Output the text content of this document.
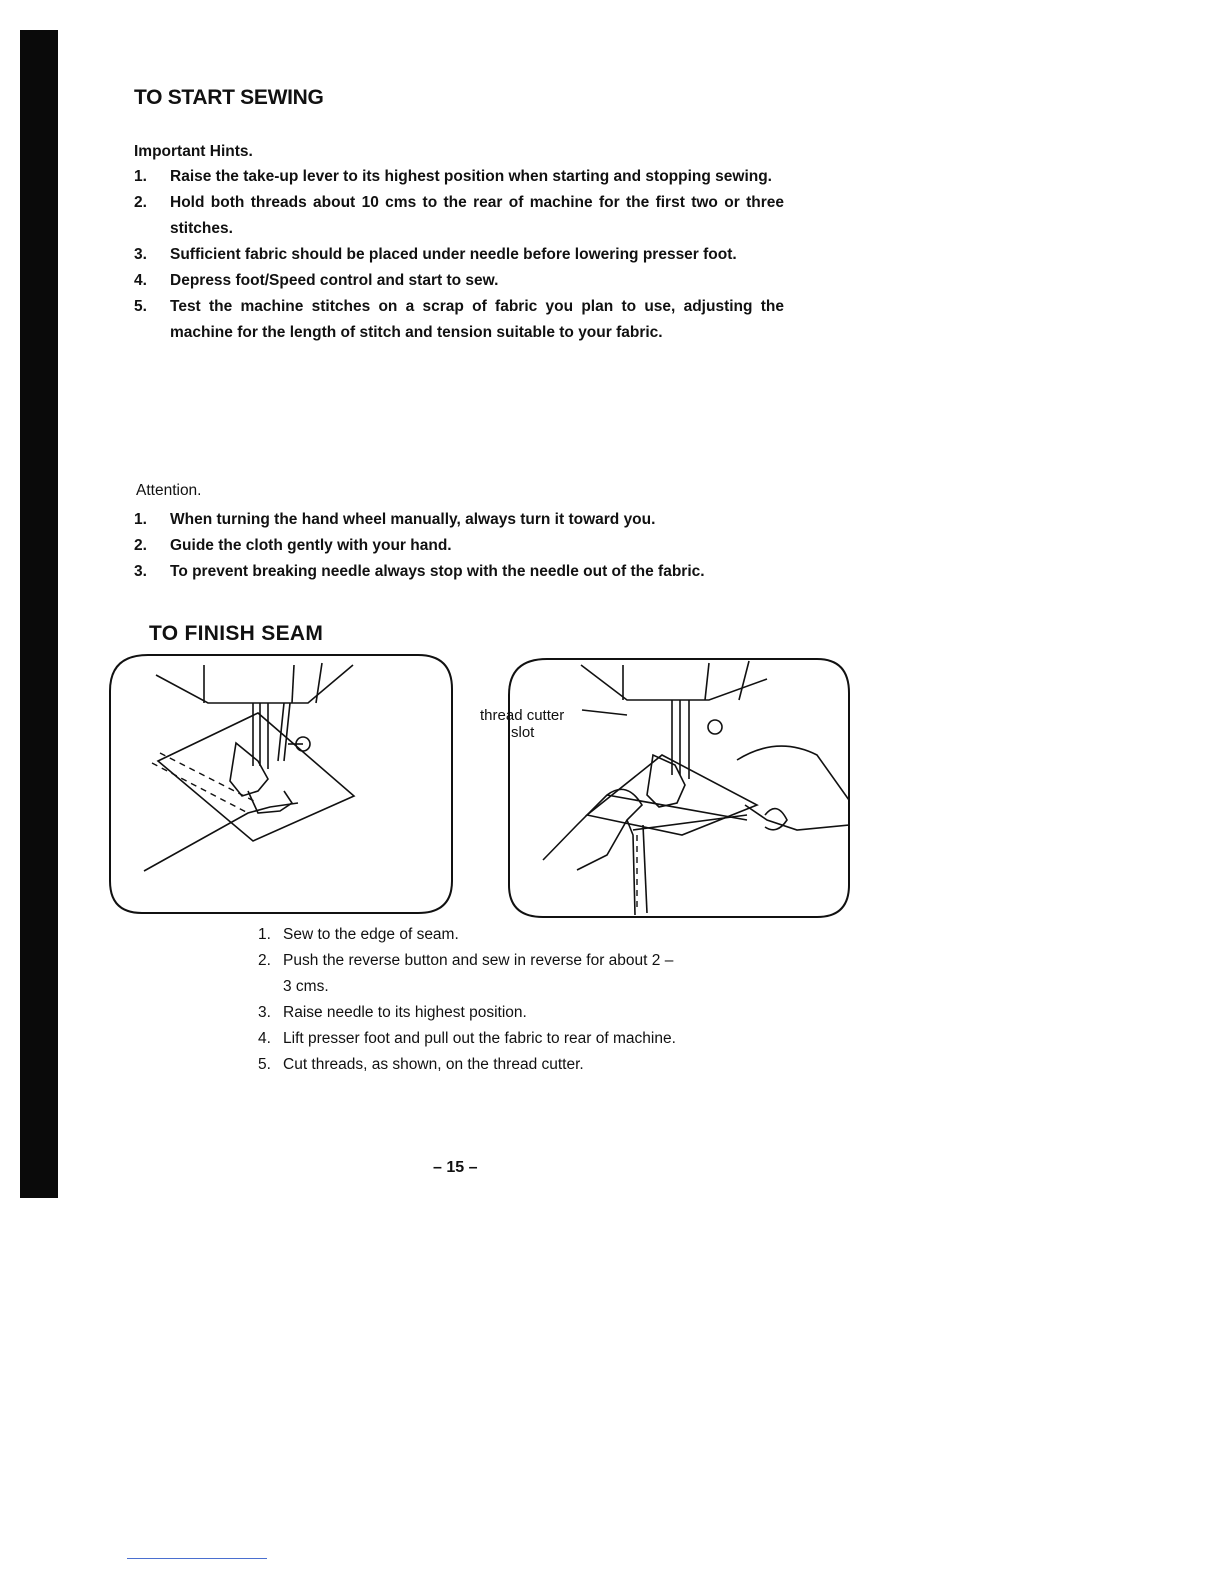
TO START SEWING
Important Hints.
1. Raise the take-up lever to its highest position when starting and stopping sewing.
2. Hold both threads about 10 cms to the rear of machine for the first two or three stitches.
3. Sufficient fabric should be placed under needle before lowering presser foot.
4. Depress foot/Speed control and start to sew.
5. Test the machine stitches on a scrap of fabric you plan to use, adjusting the machine for the length of stitch and tension suitable to your fabric.
Attention.
1. When turning the hand wheel manually, always turn it toward you.
2. Guide the cloth gently with your hand.
3. To prevent breaking needle always stop with the needle out of the fabric.
TO FINISH SEAM
thread cutter
slot
1. Sew to the edge of seam.
2. Push the reverse button and sew in reverse for about 2 – 3 cms.
3. Raise needle to its highest position.
4. Lift presser foot and pull out the fabric to rear of machine.
5. Cut threads, as shown, on the thread cutter.
– 15 –
